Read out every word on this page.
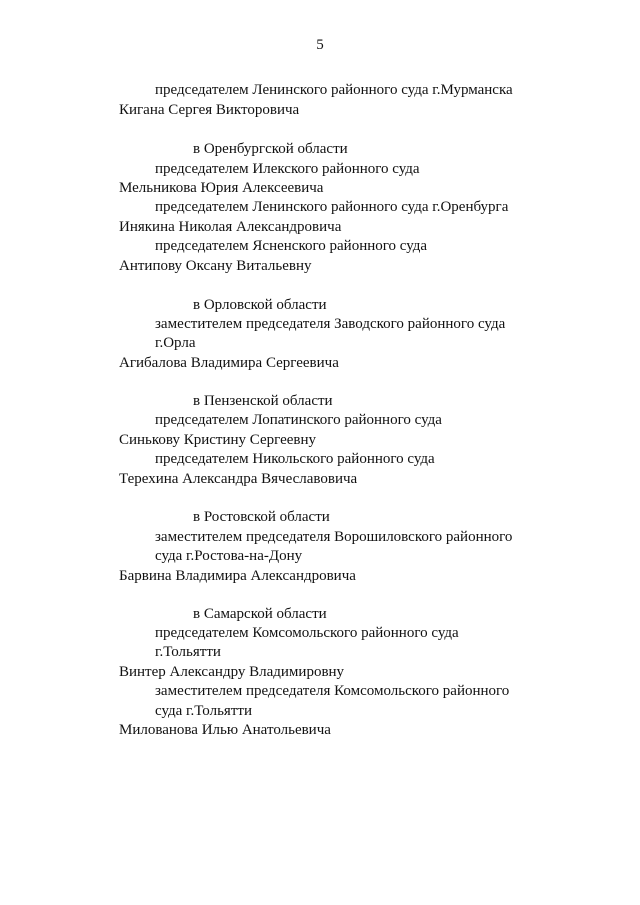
5
председателем Ленинского районного суда г.Мурманска
Кигана Сергея Викторовича
в Оренбургской области
председателем Илекского районного суда
Мельникова Юрия Алексеевича
председателем Ленинского районного суда г.Оренбурга
Инякина Николая Александровича
председателем Ясненского районного суда
Антипову Оксану Витальевну
в Орловской области
заместителем председателя Заводского районного суда
г.Орла
Агибалова Владимира Сергеевича
в Пензенской области
председателем Лопатинского районного суда
Синькову Кристину Сергеевну
председателем Никольского районного суда
Терехина Александра Вячеславовича
в Ростовской области
заместителем председателя Ворошиловского районного
суда г.Ростова-на-Дону
Барвина Владимира Александровича
в Самарской области
председателем Комсомольского районного суда
г.Тольятти
Винтер Александру Владимировну
заместителем председателя Комсомольского районного
суда г.Тольятти
Милованова Илью Анатольевича
